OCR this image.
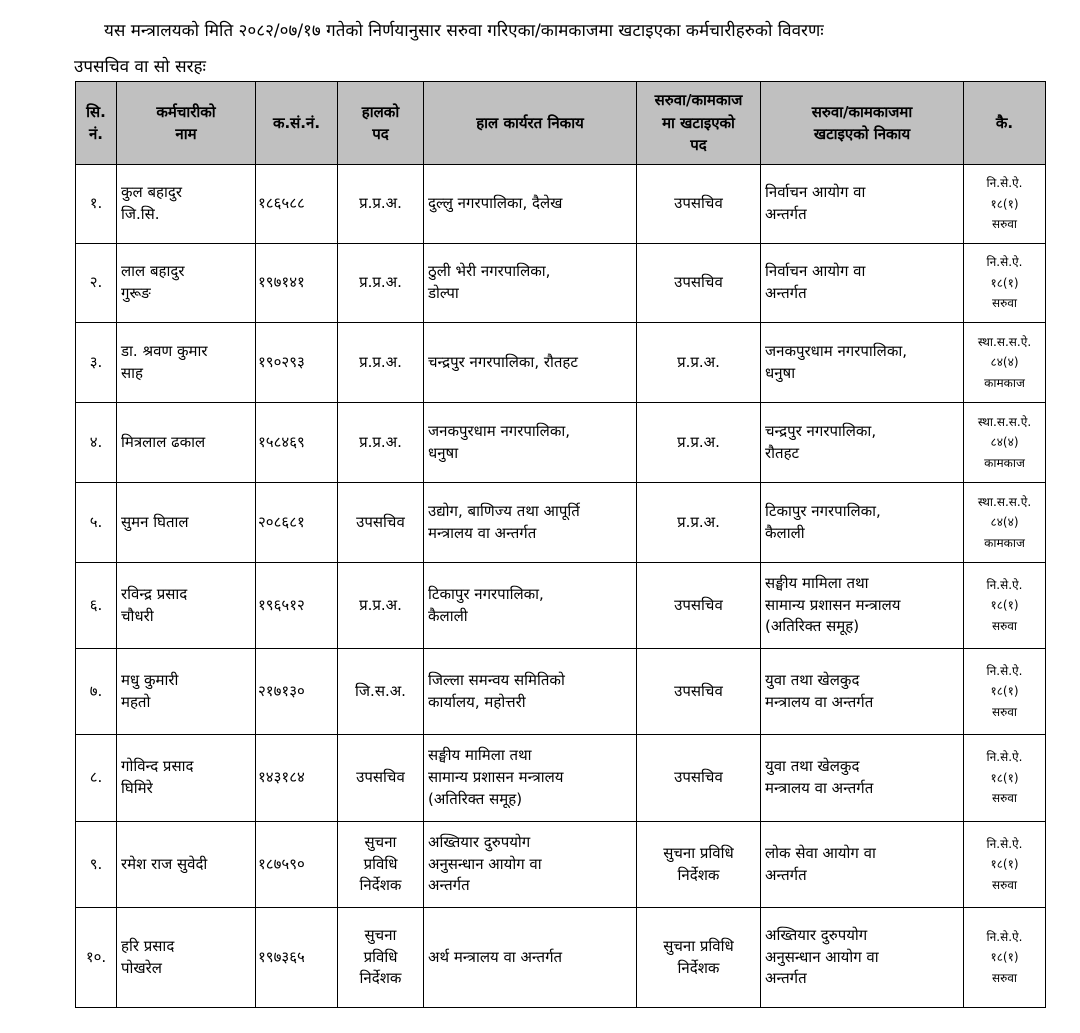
यस मन्त्रालयको मिति २०८२/०७/१७ गतेको निर्णयानुसार सरुवा गरिएका/कामकाजमा खटाइएका कर्मचारीहरुको विवरणः
उपसचिव वा सो सरहः
सि.
नं.	कर्मचारीको
नाम	क.सं.नं.	हालको
पद	हाल कार्यरत निकाय	सरुवा/कामकाज
मा खटाइएको
पद	सरुवा/कामकाजमा
खटाइएको निकाय	कै.

१.	कुल बहादुर
जि.सि.	१८६५८८	प्र.प्र.अ.	दुल्लु नगरपालिका, दैलेख	उपसचिव	निर्वाचन आयोग वा
अन्तर्गत	नि.से.ऐ.
१८(१)
सरुवा

२.	लाल बहादुर
गुरूङ	१९७१४१	प्र.प्र.अ.	ठुली भेरी नगरपालिका,
डोल्पा	उपसचिव	निर्वाचन आयोग वा
अन्तर्गत	नि.से.ऐ.
१८(१)
सरुवा

३.	डा. श्रवण कुमार
साह	१९०२९३	प्र.प्र.अ.	चन्द्रपुर नगरपालिका, रौतहट	प्र.प्र.अ.	जनकपुरधाम नगरपालिका,
धनुषा	स्था.स.स.ऐ.
८४(४)
कामकाज

४.	मित्रलाल ढकाल	१५८४६९	प्र.प्र.अ.	जनकपुरधाम नगरपालिका,
धनुषा	प्र.प्र.अ.	चन्द्रपुर नगरपालिका,
रौतहट	स्था.स.स.ऐ.
८४(४)
कामकाज

५.	सुमन घिताल	२०८६८१	उपसचिव	उद्योग, बाणिज्य तथा आपूर्ति
मन्त्रालय वा अन्तर्गत	प्र.प्र.अ.	टिकापुर नगरपालिका,
कैलाली	स्था.स.स.ऐ.
८४(४)
कामकाज

६.	रविन्द्र प्रसाद
चौधरी	१९६५१२	प्र.प्र.अ.	टिकापुर नगरपालिका,
कैलाली	उपसचिव	सङ्घीय मामिला तथा
सामान्य प्रशासन मन्त्रालय
(अतिरिक्त समूह)	नि.से.ऐ.
१८(१)
सरुवा

७.	मधु कुमारी
महतो	२१७१३०	जि.स.अ.	जिल्ला समन्वय समितिको
कार्यालय, महोत्तरी	उपसचिव	युवा तथा खेलकुद
मन्त्रालय वा अन्तर्गत	नि.से.ऐ.
१८(१)
सरुवा

८.	गोविन्द प्रसाद
घिमिरे	१४३१८४	उपसचिव	सङ्घीय मामिला तथा
सामान्य प्रशासन मन्त्रालय
(अतिरिक्त समूह)	उपसचिव	युवा तथा खेलकुद
मन्त्रालय वा अन्तर्गत	नि.से.ऐ.
१८(१)
सरुवा

९.	रमेश राज सुवेदी	१८७५९०	सुचना
प्रविधि
निर्देशक	अख्तियार दुरुपयोग
अनुसन्धान आयोग वा
अन्तर्गत	सुचना प्रविधि
निर्देशक	लोक सेवा आयोग वा
अन्तर्गत	नि.से.ऐ.
१८(१)
सरुवा

१०.	हरि प्रसाद
पोखरेल	१९७३६५	सुचना
प्रविधि
निर्देशक	अर्थ मन्त्रालय वा अन्तर्गत	सुचना प्रविधि
निर्देशक	अख्तियार दुरुपयोग
अनुसन्धान आयोग वा
अन्तर्गत	नि.से.ऐ.
१८(१)
सरुवा
